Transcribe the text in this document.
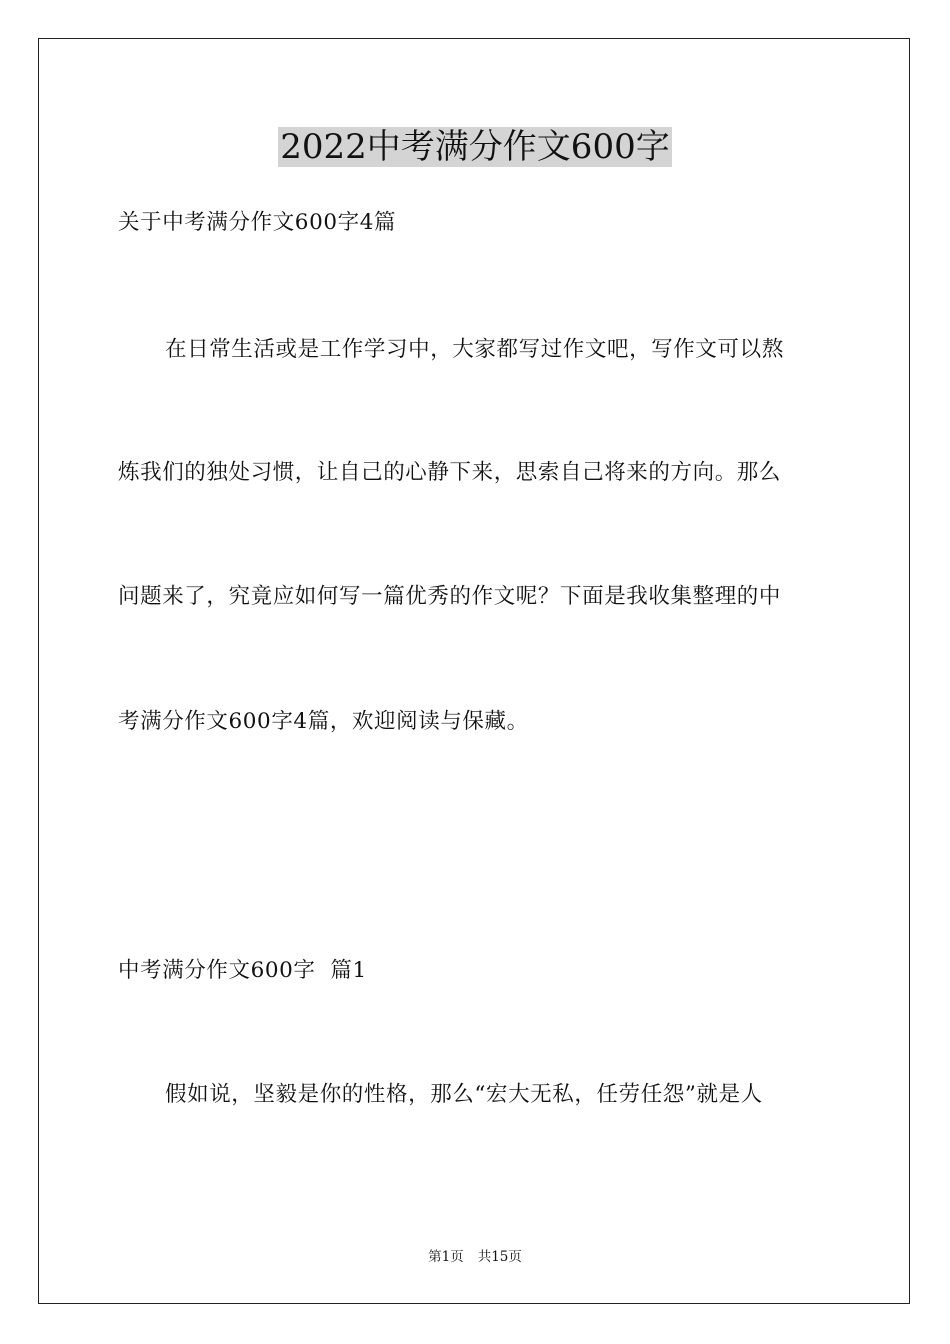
2022中考满分作文600字
关于中考满分作文600字4篇
在日常生活或是工作学习中，大家都写过作文吧，写作文可以熬
炼我们的独处习惯，让自己的心静下来，思索自己将来的方向。那么
问题来了，究竟应如何写一篇优秀的作文呢？下面是我收集整理的中
考满分作文600字4篇，欢迎阅读与保藏。
中考满分作文600字  篇1
假如说，坚毅是你的性格，那么“宏大无私，任劳任怨”就是人
第1页 共15页
